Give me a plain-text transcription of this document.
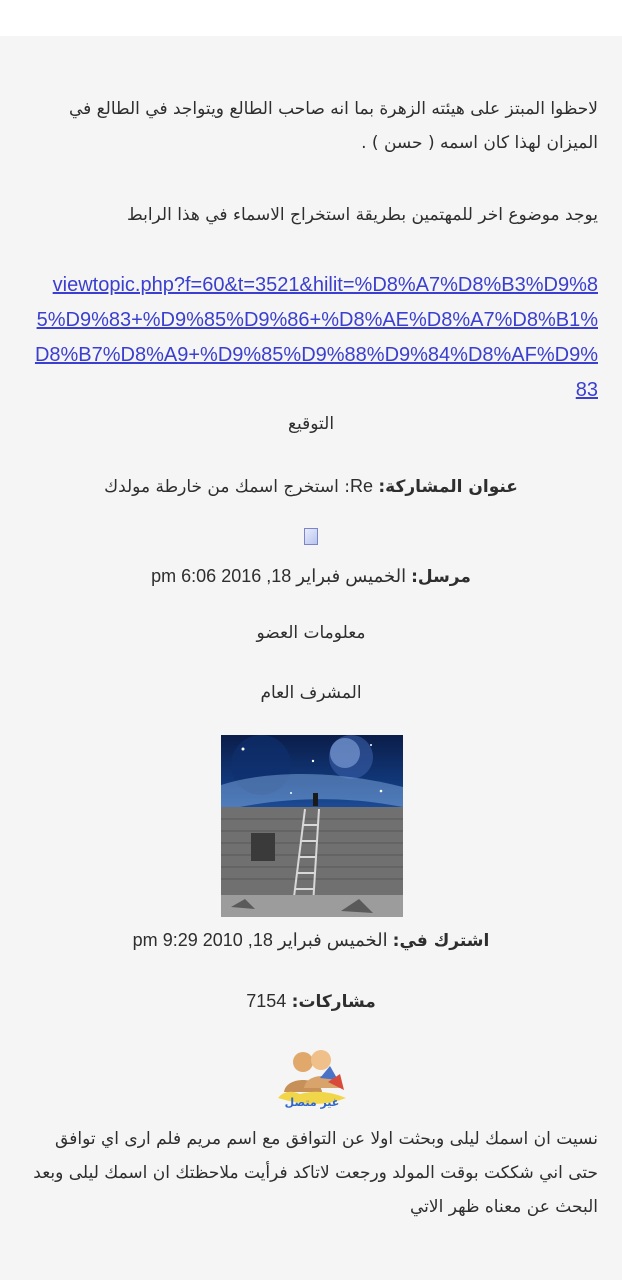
لاحظوا المبتز على هيئته الزهرة بما انه صاحب الطالع ويتواجد في الطالع في الميزان لهذا كان اسمه ( حسن ) .

يوجد موضوع اخر للمهتمين بطريقة استخراج الاسماء في هذا الرابط

viewtopic.php?f=60&t=3521&hilit=%D8%A7%D8%B3%D9%85%D9%83+%D9%85%D9%86+%D8%AE%D8%A7%D8%B1%D8%B7%D8%A9+%D9%85%D9%88%D9%84%D8%AF%D9%83

التوقيع

عنوان المشاركة: Re: استخرج اسمك من خارطة مولدك

مرسل: الخميس فبراير 18, 2016 6:06 pm

معلومات العضو

المشرف العام

اشترك في: الخميس فبراير 18, 2010 9:29 pm

مشاركات: 7154

غير متصل

نسيت ان اسمك ليلى وبحثت اولا عن التوافق مع اسم مريم فلم ارى اي توافق حتى اني شككت بوقت المولد ورجعت لاتاكد فرأيت ملاحظتك ان اسمك ليلى وبعد البحث عن معناه ظهر الاتي
